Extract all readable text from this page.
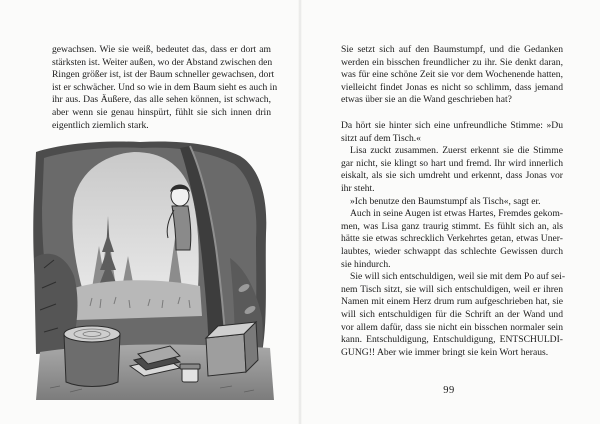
gewachsen. Wie sie weiß, bedeutet das, dass er dort am
stärksten ist. Weiter außen, wo der Abstand zwischen den
Ringen größer ist, ist der Baum schneller gewachsen, dort
ist er schwächer. Und so wie in dem Baum sieht es auch in
ihr aus. Das Äußere, das alle sehen können, ist schwach,
aber wenn sie genau hinspürt, fühlt sie sich innen drin
eigentlich ziemlich stark.
Sie setzt sich auf den Baumstumpf, und die Gedanken
werden ein bisschen freundlicher zu ihr. Sie denkt daran,
was für eine schöne Zeit sie vor dem Wochenende hatten,
vielleicht findet Jonas es nicht so schlimm, dass jemand
etwas über sie an die Wand geschrieben hat?
Da hört sie hinter sich eine unfreundliche Stimme: »Du
sitzt auf dem Tisch.«
Lisa zuckt zusammen. Zuerst erkennt sie die Stimme
gar nicht, sie klingt so hart und fremd. Ihr wird innerlich
eiskalt, als sie sich umdreht und erkennt, dass Jonas vor
ihr steht.
»Ich benutze den Baumstumpf als Tisch«, sagt er.
Auch in seine Augen ist etwas Hartes, Fremdes gekom-
men, was Lisa ganz traurig stimmt. Es fühlt sich an, als
hätte sie etwas schrecklich Verkehrtes getan, etwas Uner-
laubtes, wieder schwappt das schlechte Gewissen durch
sie hindurch.
Sie will sich entschuldigen, weil sie mit dem Po auf sei-
nem Tisch sitzt, sie will sich entschuldigen, weil er ihren
Namen mit einem Herz drum rum aufgeschrieben hat, sie
will sich entschuldigen für die Schrift an der Wand und
vor allem dafür, dass sie nicht ein bisschen normaler sein
kann. Entschuldigung, Entschuldigung, ENTSCHULDI-
GUNG!! Aber wie immer bringt sie kein Wort heraus.
99
